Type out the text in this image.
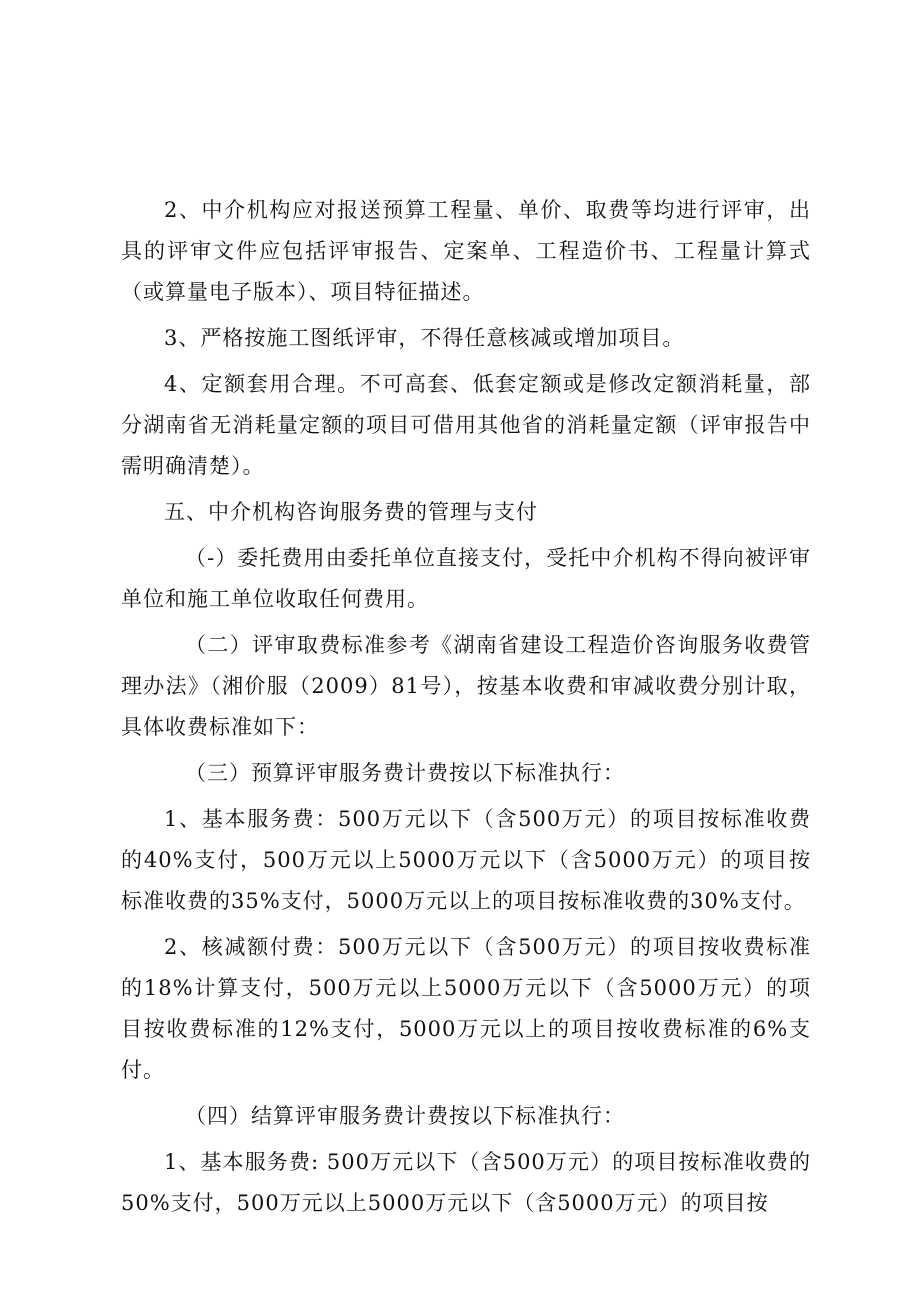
2、中介机构应对报送预算工程量、单价、取费等均进行评审，出具的评审文件应包括评审报告、定案单、工程造价书、工程量计算式（或算量电子版本）、项目特征描述。

3、严格按施工图纸评审，不得任意核减或增加项目。

4、定额套用合理。不可高套、低套定额或是修改定额消耗量，部分湖南省无消耗量定额的项目可借用其他省的消耗量定额（评审报告中需明确清楚）。

五、中介机构咨询服务费的管理与支付

（-）委托费用由委托单位直接支付，受托中介机构不得向被评审单位和施工单位收取任何费用。

（二）评审取费标准参考《湖南省建设工程造价咨询服务收费管理办法》（湘价服（2009）81号），按基本收费和审减收费分别计取，具体收费标准如下：

（三）预算评审服务费计费按以下标准执行：

1、基本服务费：500万元以下（含500万元）的项目按标准收费的40%支付，500万元以上5000万元以下（含5000万元）的项目按标准收费的35%支付，5000万元以上的项目按标准收费的30%支付。

2、核减额付费：500万元以下（含500万元）的项目按收费标准的18%计算支付，500万元以上5000万元以下（含5000万元）的项目按收费标准的12%支付，5000万元以上的项目按收费标准的6%支付。

（四）结算评审服务费计费按以下标准执行：

1、基本服务费: 500万元以下（含500万元）的项目按标准收费的50%支付，500万元以上5000万元以下（含5000万元）的项目按
